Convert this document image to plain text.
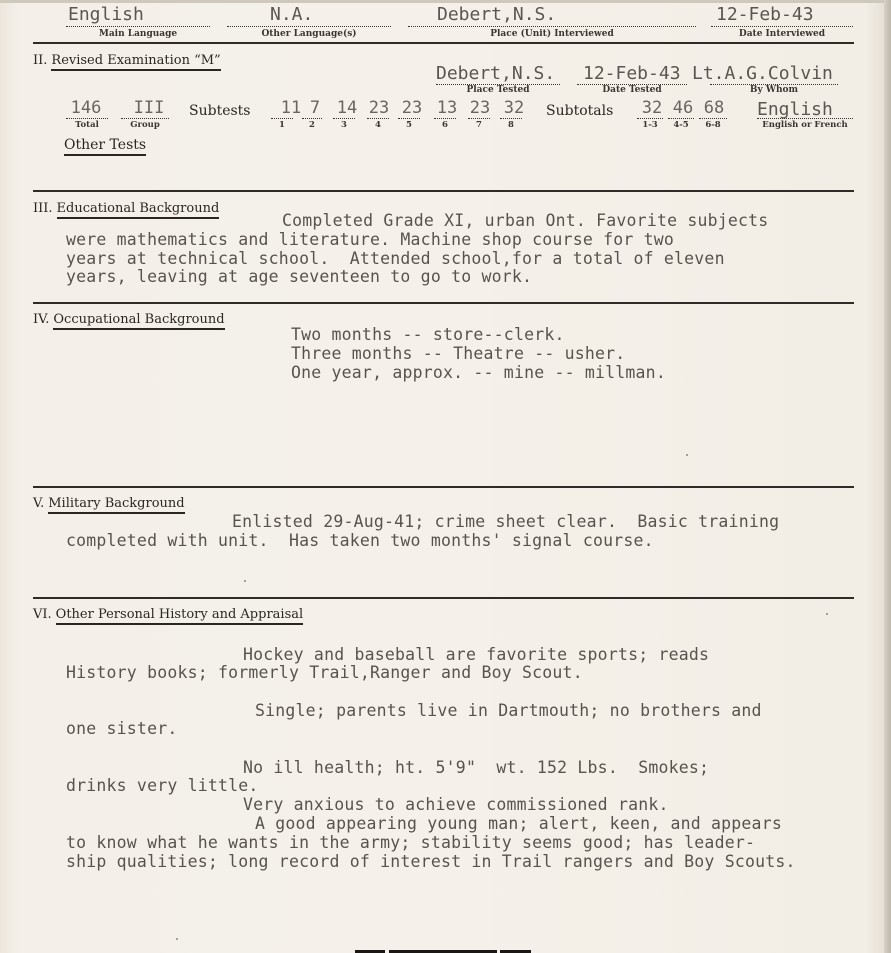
English
Main Language
N.A.
Other Language(s)
Debert,N.S.
Place (Unit) Interviewed
12-Feb-43
Date Interviewed
II. Revised Examination “M”
Debert,N.S.
Place Tested
12-Feb-43
Date Tested
Lt.A.G.Colvin
By Whom
146
Total
III
Group
Subtests 11
1
7
2
14
3
23
4
23
5
13
6
23
7
32
8
Subtotals 32
1-3
46
4-5
68
6-8
English
English or French
Other Tests
III. Educational Background
Completed Grade XI, urban Ont. Favorite subjects
were mathematics and literature. Machine shop course for two
years at technical school.  Attended school,for a total of eleven
years, leaving at age seventeen to go to work.
IV. Occupational Background
Two months -- store--clerk.
Three months -- Theatre -- usher.
One year, approx. -- mine -- millman.
V. Military Background
Enlisted 29-Aug-41; crime sheet clear.  Basic training
completed with unit.  Has taken two months' signal course.
VI. Other Personal History and Appraisal
Hockey and baseball are favorite sports; reads
History books; formerly Trail,Ranger and Boy Scout.
Single; parents live in Dartmouth; no brothers and
one sister.
No ill health; ht. 5'9"  wt. 152 Lbs.  Smokes;
drinks very little.
Very anxious to achieve commissioned rank.
A good appearing young man; alert, keen, and appears
to know what he wants in the army; stability seems good; has leader-
ship qualities; long record of interest in Trail rangers and Boy Scouts.
